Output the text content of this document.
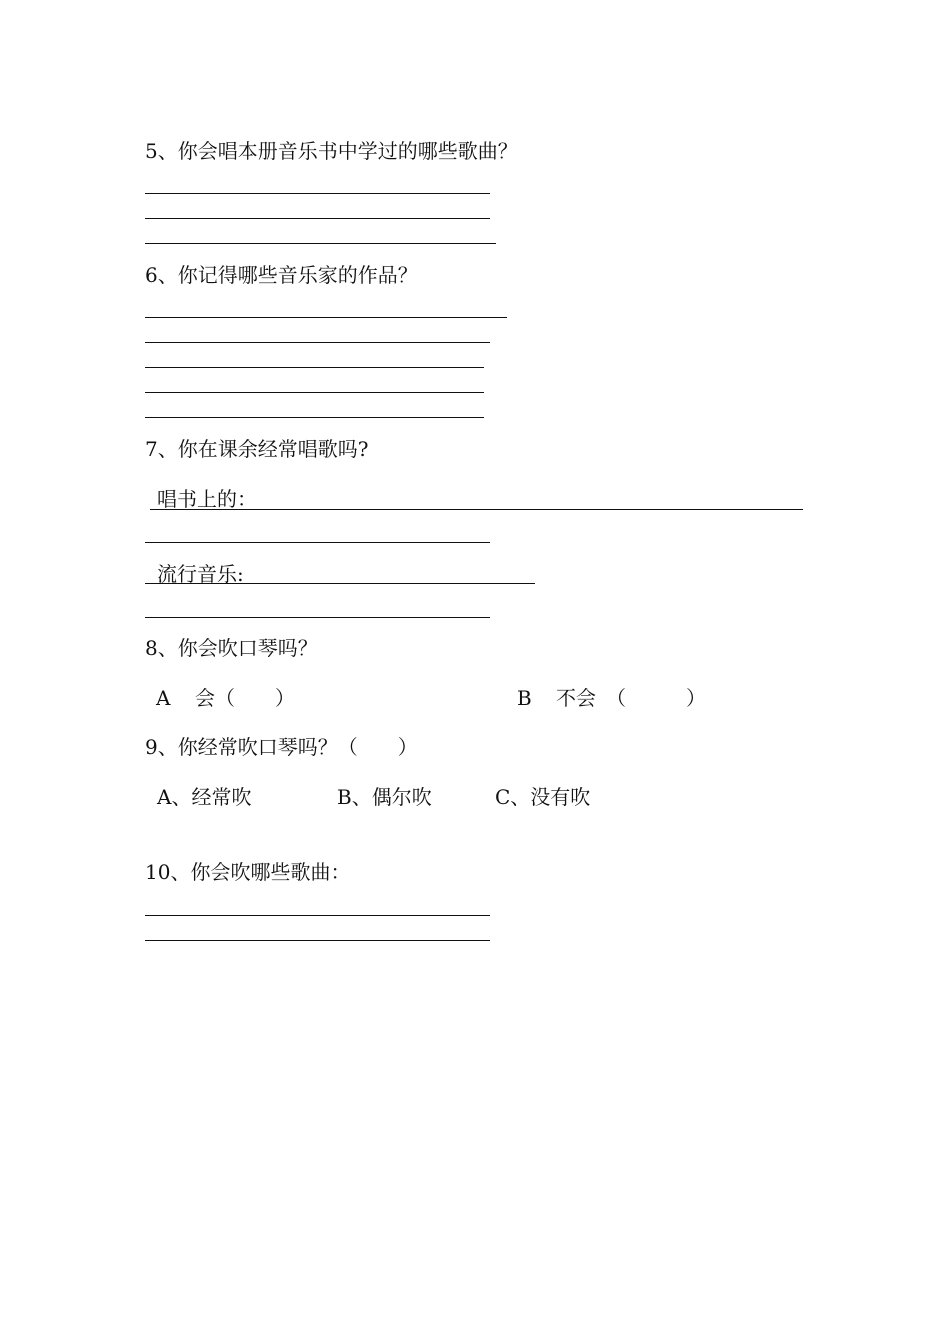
5、你会唱本册音乐书中学过的哪些歌曲？
6、你记得哪些音乐家的作品？
7、你在课余经常唱歌吗?
唱书上的：
流行音乐:
8、你会吹口琴吗？
A 会（　　）	B 不会　（　　　）
9、你经常吹口琴吗？（　　）
A、经常吹	B、偶尔吹	C、没有吹
10、你会吹哪些歌曲：
